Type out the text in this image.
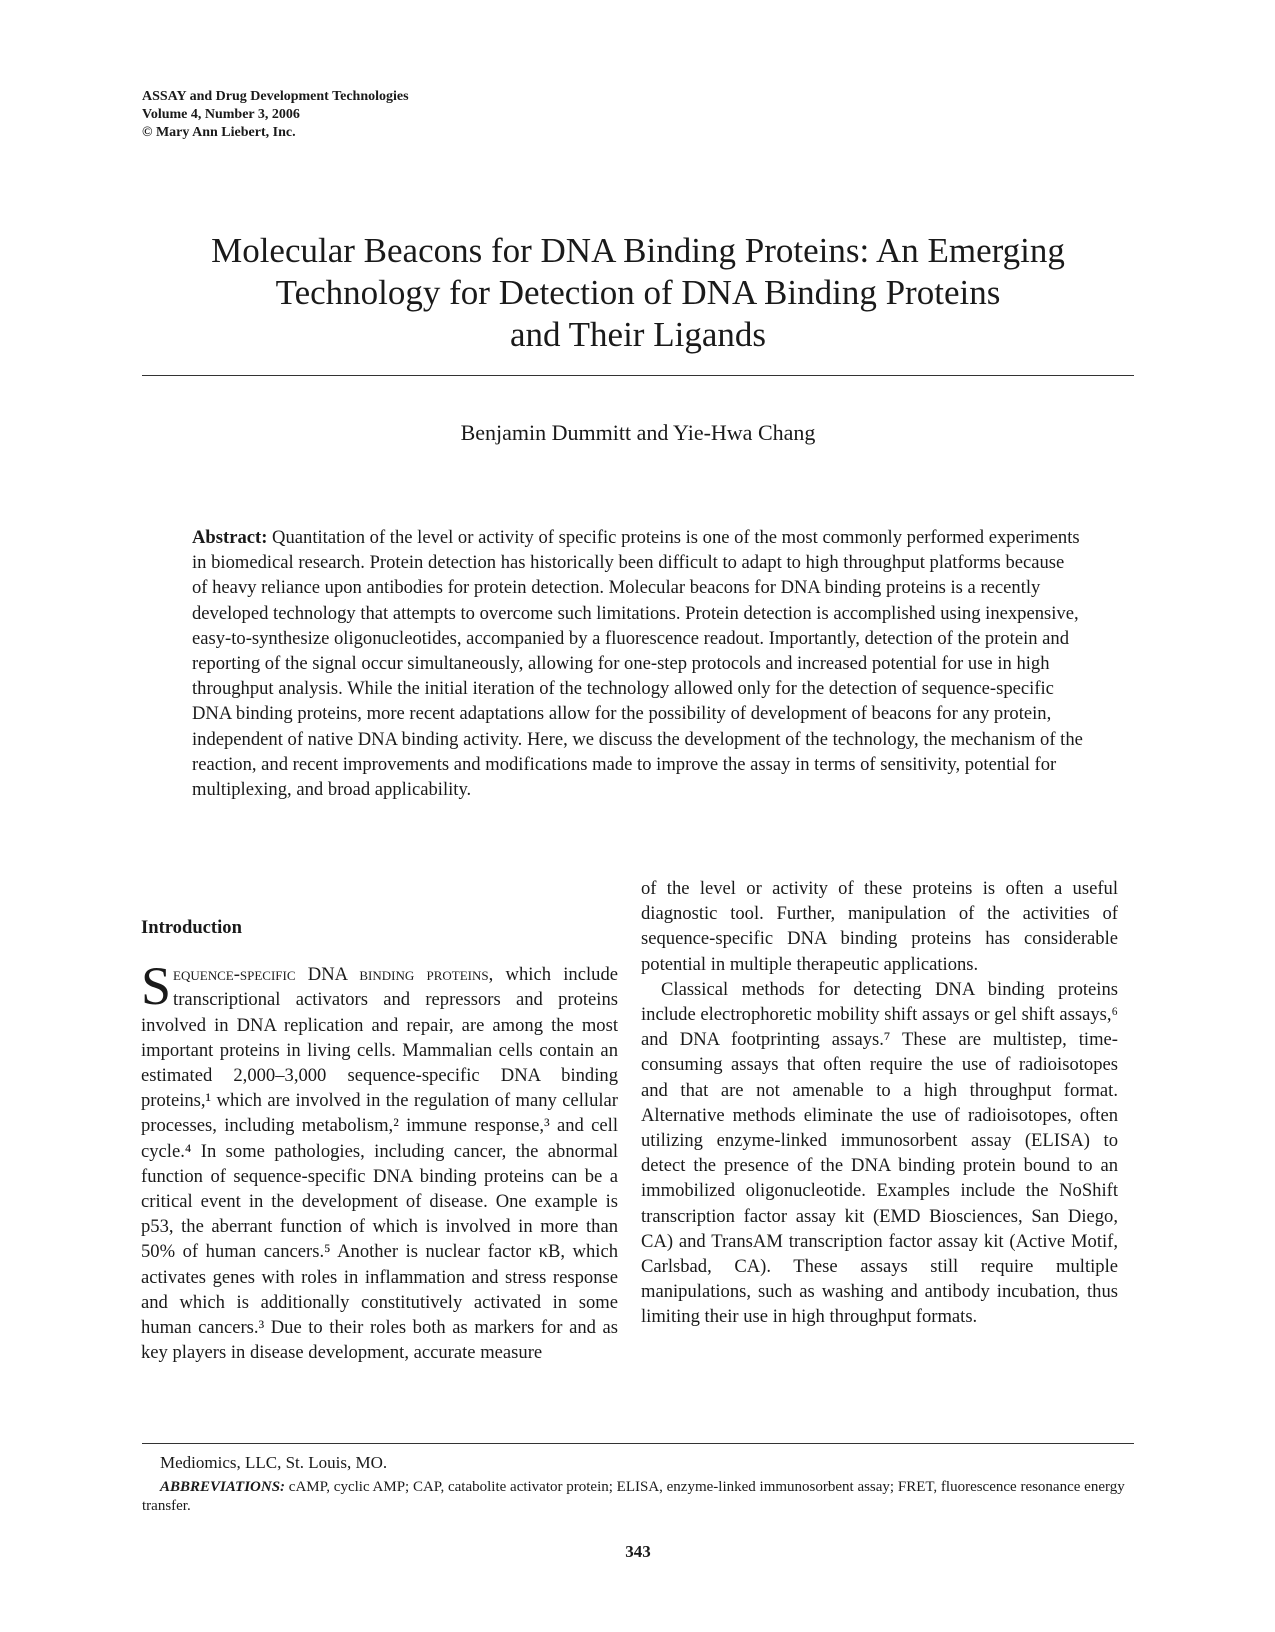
ASSAY and Drug Development Technologies
Volume 4, Number 3, 2006
© Mary Ann Liebert, Inc.
Molecular Beacons for DNA Binding Proteins: An Emerging
Technology for Detection of DNA Binding Proteins
and Their Ligands
Benjamin Dummitt and Yie-Hwa Chang
Abstract: Quantitation of the level or activity of specific proteins is one of the most commonly performed experiments in biomedical research. Protein detection has historically been difficult to adapt to high throughput platforms because of heavy reliance upon antibodies for protein detection. Molecular beacons for DNA binding proteins is a recently developed technology that attempts to overcome such limitations. Protein detection is accomplished using inexpensive, easy-to-synthesize oligonucleotides, accompanied by a fluorescence readout. Importantly, detection of the protein and reporting of the signal occur simultaneously, allowing for one-step protocols and increased potential for use in high throughput analysis. While the initial iteration of the technology allowed only for the detection of sequence-specific DNA binding proteins, more recent adaptations allow for the possibility of development of beacons for any protein, independent of native DNA binding activity. Here, we discuss the development of the technology, the mechanism of the reaction, and recent improvements and modifications made to improve the assay in terms of sensitivity, potential for multiplexing, and broad applicability.
Introduction

Sequence-specific DNA binding proteins, which include transcriptional activators and repressors and proteins involved in DNA replication and repair, are among the most important proteins in living cells. Mammalian cells contain an estimated 2,000–3,000 sequence-specific DNA binding proteins,¹ which are involved in the regulation of many cellular processes, including metabolism,² immune response,³ and cell cycle.⁴ In some pathologies, including cancer, the abnormal function of sequence-specific DNA binding proteins can be a critical event in the development of disease. One example is p53, the aberrant function of which is involved in more than 50% of human cancers.⁵ Another is nuclear factor κB, which activates genes with roles in inflammation and stress response and which is additionally constitutively activated in some human cancers.³ Due to their roles both as markers for and as key players in disease development, accurate measure

of the level or activity of these proteins is often a useful diagnostic tool. Further, manipulation of the activities of sequence-specific DNA binding proteins has considerable potential in multiple therapeutic applications.

Classical methods for detecting DNA binding proteins include electrophoretic mobility shift assays or gel shift assays,⁶ and DNA footprinting assays.⁷ These are multistep, time-consuming assays that often require the use of radioisotopes and that are not amenable to a high throughput format. Alternative methods eliminate the use of radioisotopes, often utilizing enzyme-linked immunosorbent assay (ELISA) to detect the presence of the DNA binding protein bound to an immobilized oligonucleotide. Examples include the NoShift transcription factor assay kit (EMD Biosciences, San Diego, CA) and TransAM transcription factor assay kit (Active Motif, Carlsbad, CA). These assays still require multiple manipulations, such as washing and antibody incubation, thus limiting their use in high throughput formats.

Mediomics, LLC, St. Louis, MO.
ABBREVIATIONS: cAMP, cyclic AMP; CAP, catabolite activator protein; ELISA, enzyme-linked immunosorbent assay; FRET, fluorescence resonance energy transfer.
343
